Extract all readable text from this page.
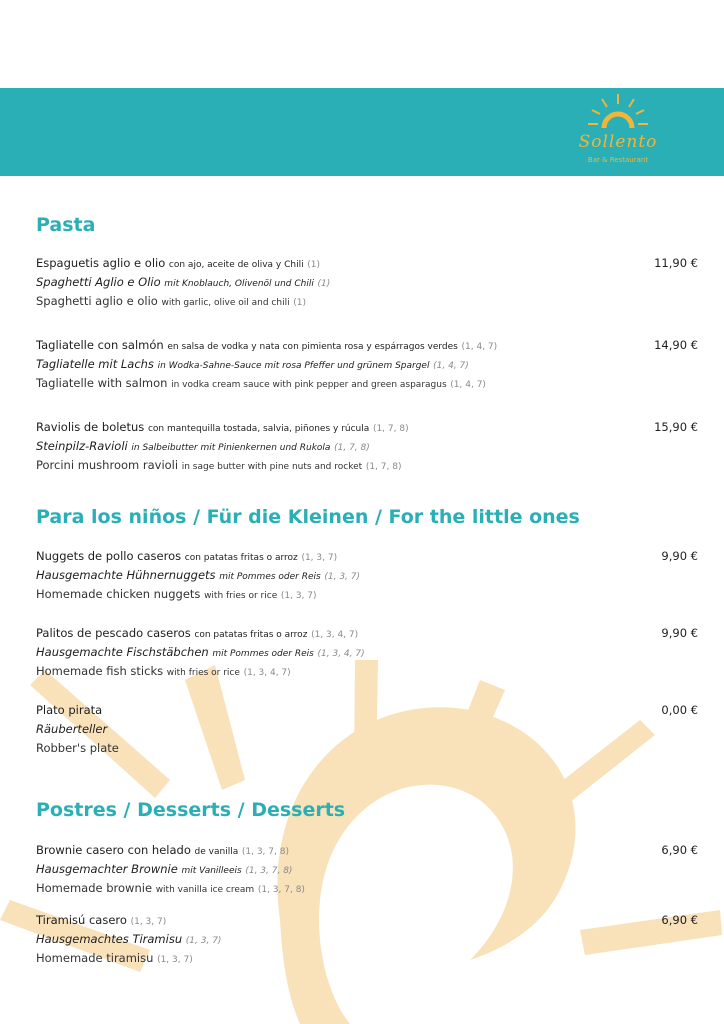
Sollento
Bar & Restaurant
Pasta
Espaguetis aglio e olio con ajo, aceite de oliva y Chili (1)
Spaghetti Aglio e Olio mit Knoblauch, Olivenöl und Chili (1)
Spaghetti aglio e olio with garlic, olive oil and chili (1)
11,90 €
Tagliatelle con salmón en salsa de vodka y nata con pimienta rosa y espárragos verdes (1, 4, 7)
Tagliatelle mit Lachs in Wodka-Sahne-Sauce mit rosa Pfeffer und grünem Spargel (1, 4, 7)
Tagliatelle with salmon in vodka cream sauce with pink pepper and green asparagus (1, 4, 7)
14,90 €
Raviolis de boletus con mantequilla tostada, salvia, piñones y rúcula (1, 7, 8)
Steinpilz-Ravioli in Salbeibutter mit Pinienkernen und Rukola (1, 7, 8)
Porcini mushroom ravioli in sage butter with pine nuts and rocket (1, 7, 8)
15,90 €
Para los niños / Für die Kleinen / For the little ones
Nuggets de pollo caseros con patatas fritas o arroz (1, 3, 7)
Hausgemachte Hühnernuggets mit Pommes oder Reis (1, 3, 7)
Homemade chicken nuggets with fries or rice (1, 3, 7)
9,90 €
Palitos de pescado caseros con patatas fritas o arroz (1, 3, 4, 7)
Hausgemachte Fischstäbchen mit Pommes oder Reis (1, 3, 4, 7)
Homemade fish sticks with fries or rice (1, 3, 4, 7)
9,90 €
Plato pirata
Räuberteller
Robber's plate
0,00 €
Postres / Desserts / Desserts
Brownie casero con helado de vanilla (1, 3, 7, 8)
Hausgemachter Brownie mit Vanilleeis (1, 3, 7, 8)
Homemade brownie with vanilla ice cream (1, 3, 7, 8)
6,90 €
Tiramisú casero (1, 3, 7)
Hausgemachtes Tiramisu (1, 3, 7)
Homemade tiramisu (1, 3, 7)
6,90 €
